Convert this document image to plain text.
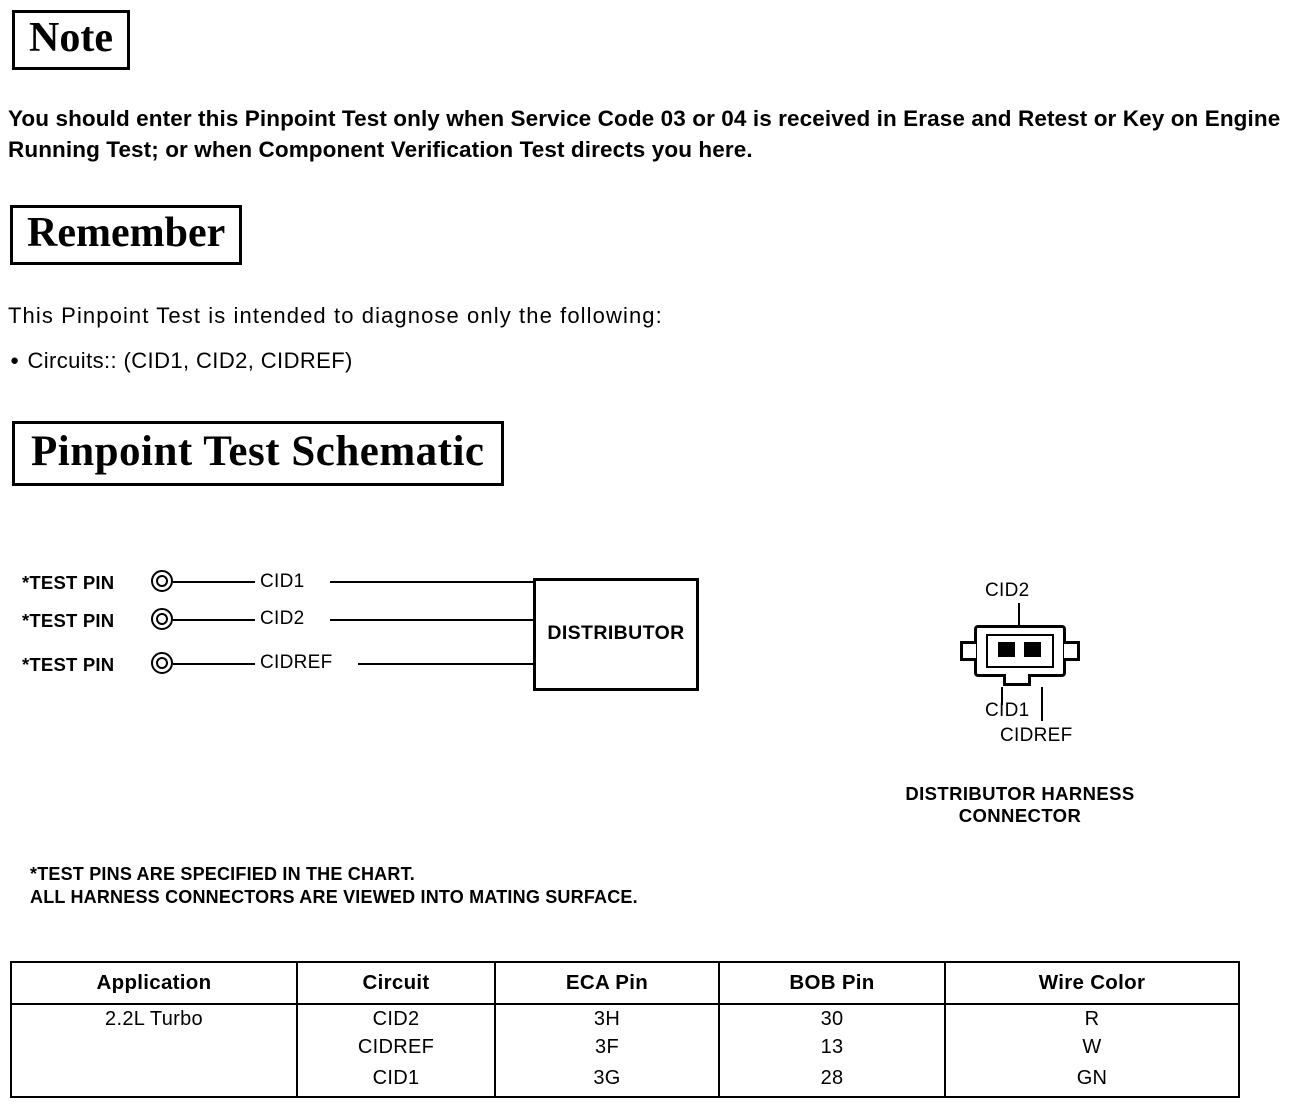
Note
You should enter this Pinpoint Test only when Service Code 03 or 04 is received in Erase and Retest or Key on Engine Running Test; or when Component Verification Test directs you here.
Remember
This Pinpoint Test is intended to diagnose only the following:
● Circuits:: (CID1, CID2, CIDREF)
Pinpoint Test Schematic
*TEST PIN	CID1
*TEST PIN	CID2
*TEST PIN	CIDREF
DISTRIBUTOR
CID2
CID1
CIDREF
DISTRIBUTOR HARNESS
CONNECTOR
*TEST PINS ARE SPECIFIED IN THE CHART.
ALL HARNESS CONNECTORS ARE VIEWED INTO MATING SURFACE.
Application	Circuit	ECA Pin	BOB Pin	Wire Color
2.2L Turbo	CID2	3H	30	R
	CIDREF	3F	13	W
	CID1	3G	28	GN
